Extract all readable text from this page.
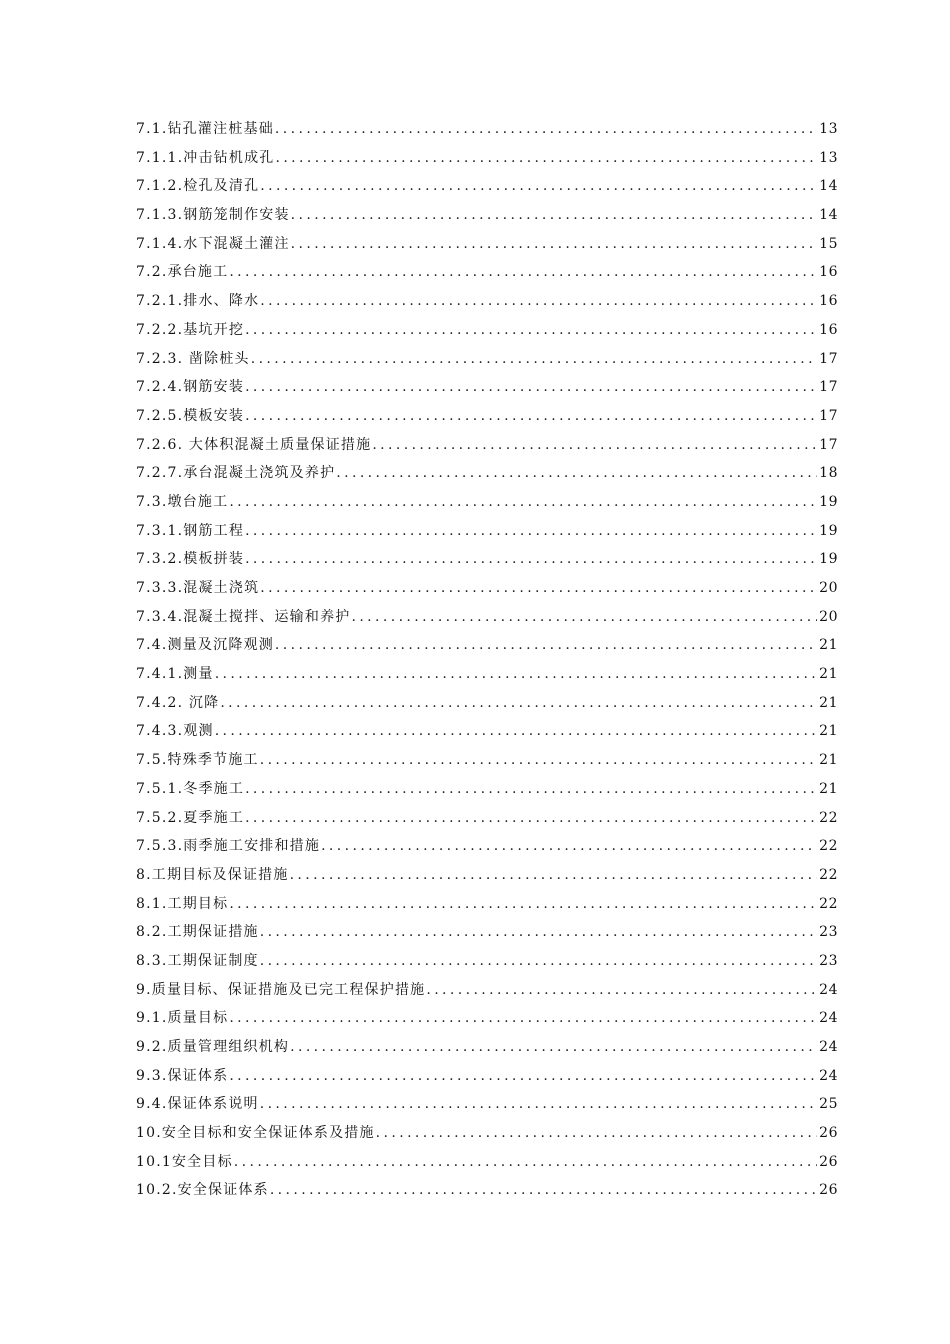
7.1.钻孔灌注桩基础 .....	13
7.1.1.冲击钻机成孔 .....	13
7.1.2.检孔及清孔 .....	14
7.1.3.钢筋笼制作安装 .....	14
7.1.4.水下混凝土灌注 .....	15
7.2.承台施工 .....	16
7.2.1.排水、降水 .....	16
7.2.2.基坑开挖 .....	16
7.2.3. 凿除桩头 .....	17
7.2.4.钢筋安装 .....	17
7.2.5.模板安装 .....	17
7.2.6. 大体积混凝土质量保证措施 .....	17
7.2.7.承台混凝土浇筑及养护 .....	18
7.3.墩台施工 .....	19
7.3.1.钢筋工程 .....	19
7.3.2.模板拼装 .....	19
7.3.3.混凝土浇筑 .....	20
7.3.4.混凝土搅拌、运输和养护 .....	20
7.4.测量及沉降观测 .....	21
7.4.1.测量 .....	21
7.4.2. 沉降 .....	21
7.4.3.观测 .....	21
7.5.特殊季节施工 .....	21
7.5.1.冬季施工 .....	21
7.5.2.夏季施工 .....	22
7.5.3.雨季施工安排和措施 .....	22
8.工期目标及保证措施 .....	22
8.1.工期目标 .....	22
8.2.工期保证措施 .....	23
8.3.工期保证制度 .....	23
9.质量目标、保证措施及已完工程保护措施 .....	24
9.1.质量目标 .....	24
9.2.质量管理组织机构 .....	24
9.3.保证体系 .....	24
9.4.保证体系说明 .....	25
10.安全目标和安全保证体系及措施 .....	26
10.1安全目标 .....	26
10.2.安全保证体系 .....	26
